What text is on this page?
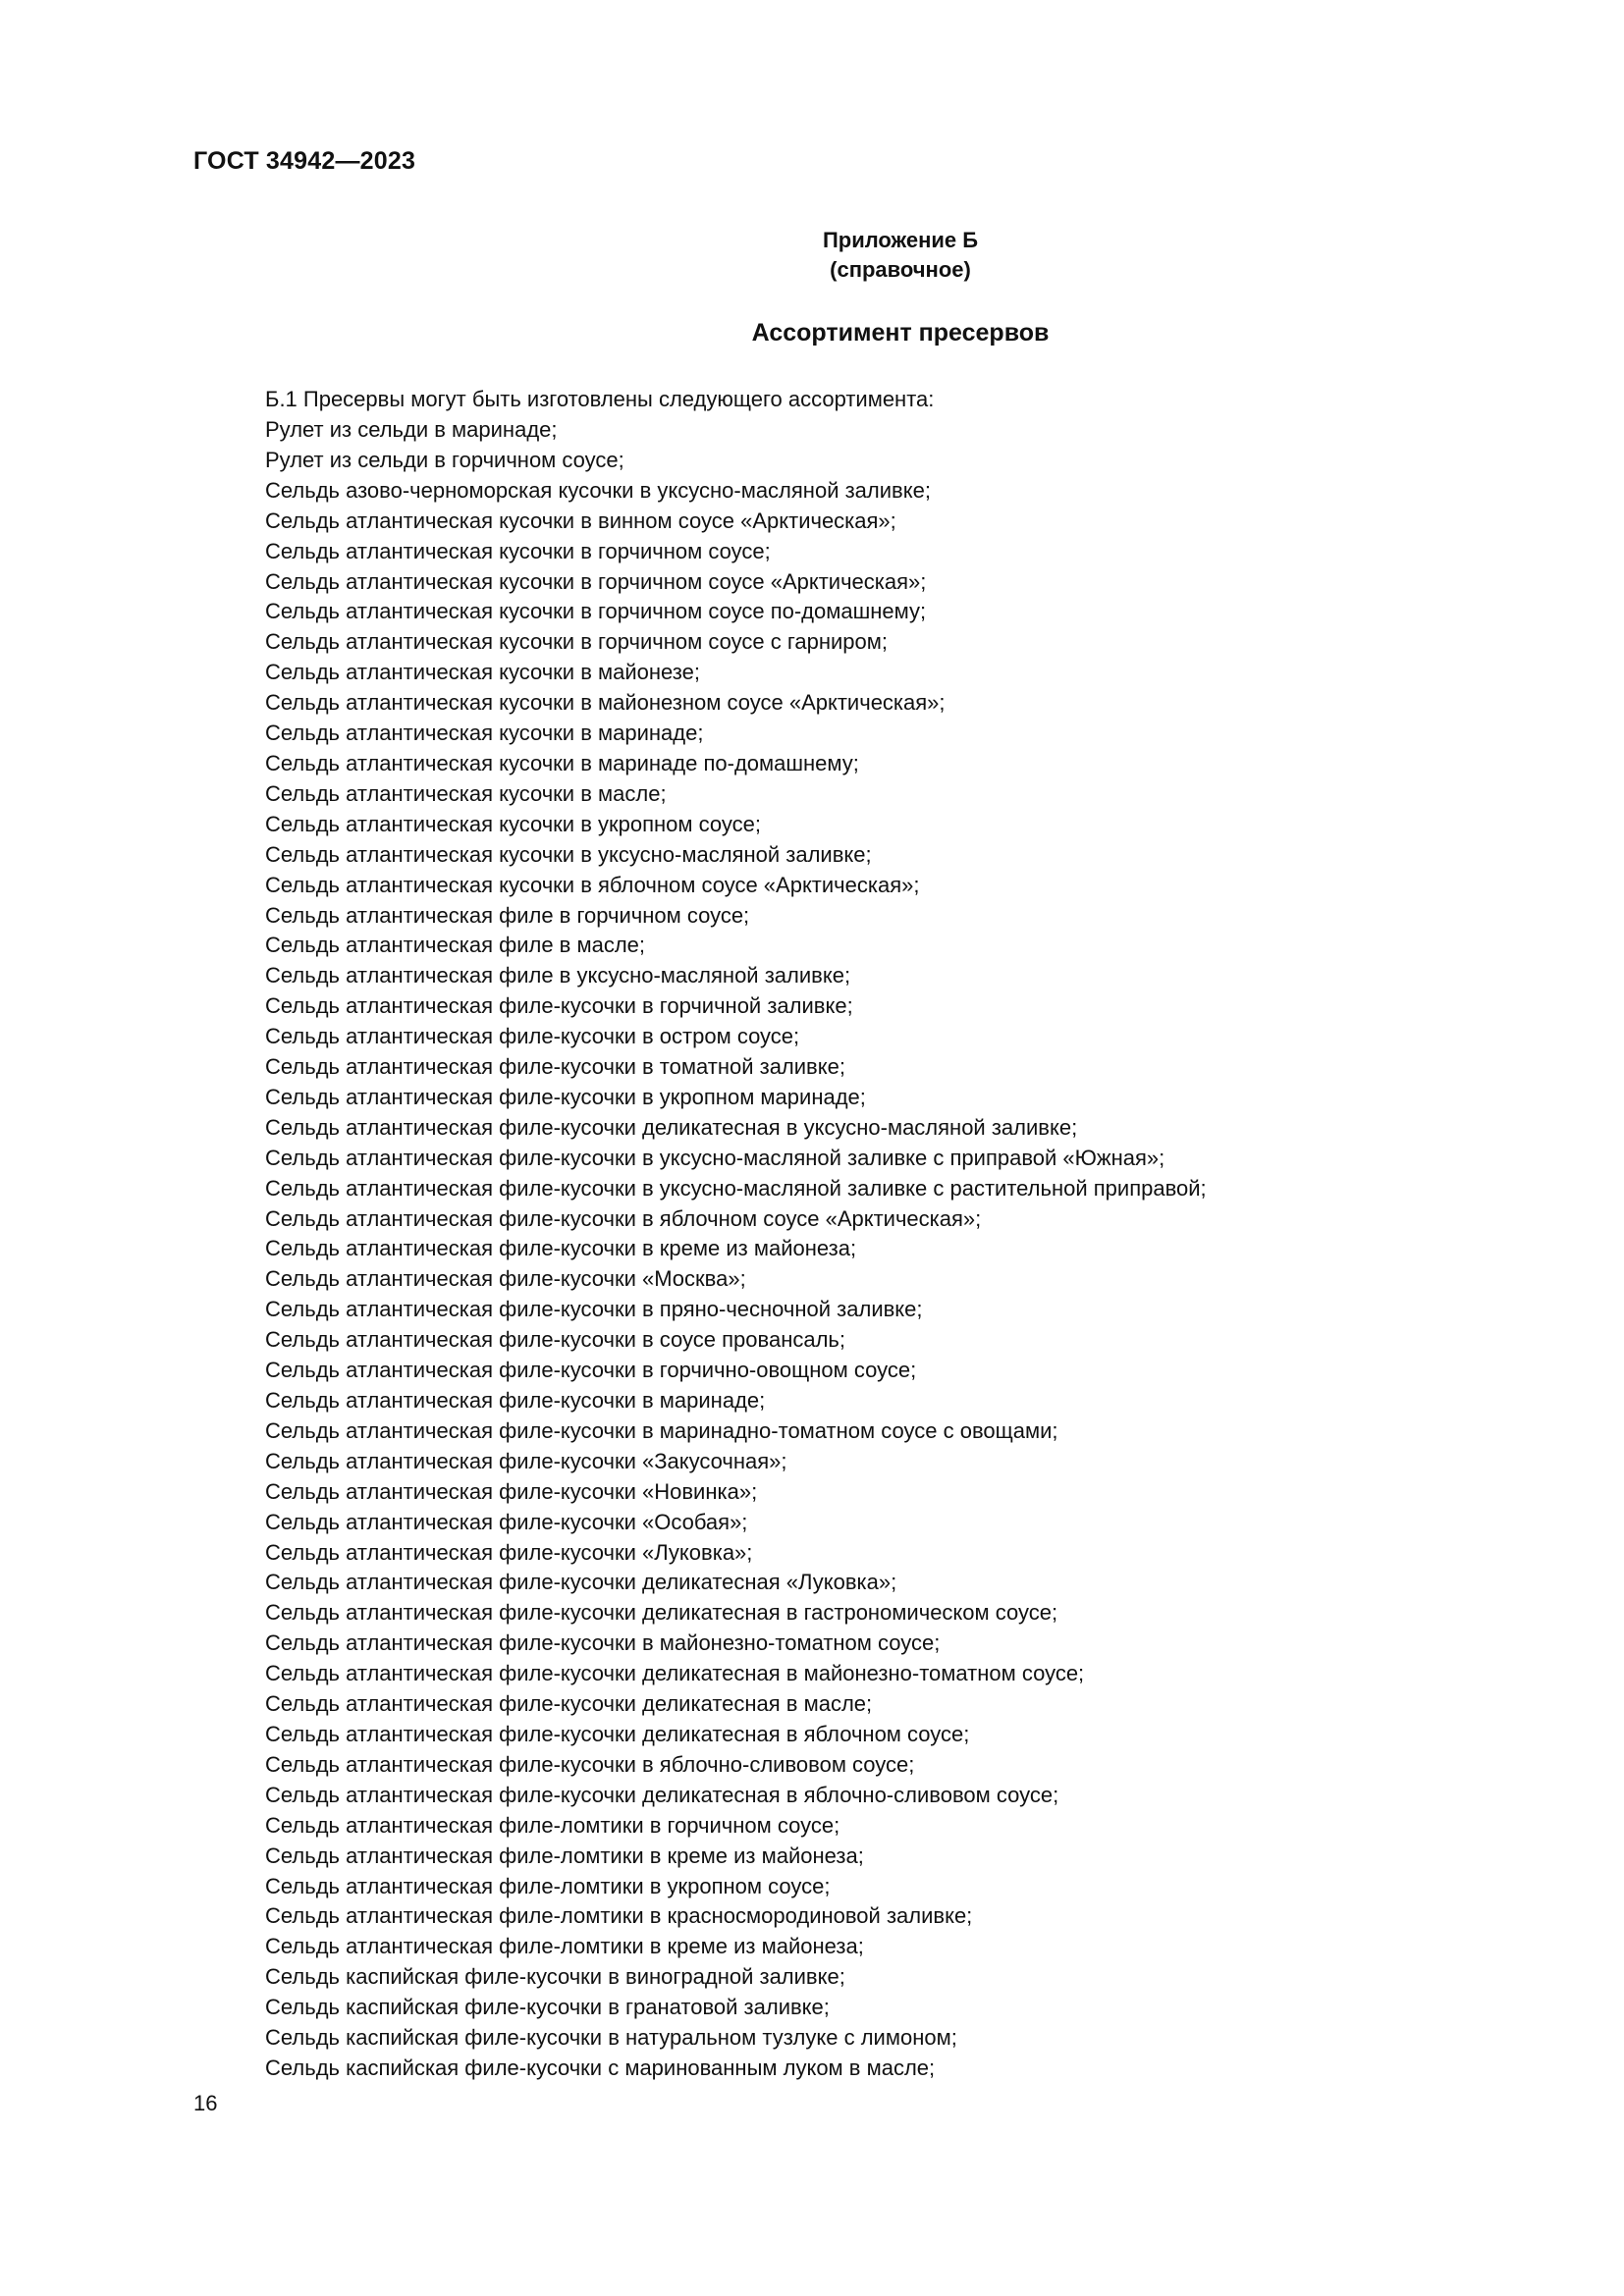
ГОСТ 34942—2023
Приложение Б
(справочное)
Ассортимент пресервов
Б.1 Пресервы могут быть изготовлены следующего ассортимента:
Рулет из сельди в маринаде;
Рулет из сельди в горчичном соусе;
Сельдь азово-черноморская кусочки в уксусно-масляной заливке;
Сельдь атлантическая кусочки в винном соусе «Арктическая»;
Сельдь атлантическая кусочки в горчичном соусе;
Сельдь атлантическая кусочки в горчичном соусе «Арктическая»;
Сельдь атлантическая кусочки в горчичном соусе по-домашнему;
Сельдь атлантическая кусочки в горчичном соусе с гарниром;
Сельдь атлантическая кусочки в майонезе;
Сельдь атлантическая кусочки в майонезном соусе «Арктическая»;
Сельдь атлантическая кусочки в маринаде;
Сельдь атлантическая кусочки в маринаде по-домашнему;
Сельдь атлантическая кусочки в масле;
Сельдь атлантическая кусочки в укропном соусе;
Сельдь атлантическая кусочки в уксусно-масляной заливке;
Сельдь атлантическая кусочки в яблочном соусе «Арктическая»;
Сельдь атлантическая филе в горчичном соусе;
Сельдь атлантическая филе в масле;
Сельдь атлантическая филе в уксусно-масляной заливке;
Сельдь атлантическая филе-кусочки в горчичной заливке;
Сельдь атлантическая филе-кусочки в остром соусе;
Сельдь атлантическая филе-кусочки в томатной заливке;
Сельдь атлантическая филе-кусочки в укропном маринаде;
Сельдь атлантическая филе-кусочки деликатесная в уксусно-масляной заливке;
Сельдь атлантическая филе-кусочки в уксусно-масляной заливке с приправой «Южная»;
Сельдь атлантическая филе-кусочки в уксусно-масляной заливке с растительной приправой;
Сельдь атлантическая филе-кусочки в яблочном соусе «Арктическая»;
Сельдь атлантическая филе-кусочки в креме из майонеза;
Сельдь атлантическая филе-кусочки «Москва»;
Сельдь атлантическая филе-кусочки в пряно-чесночной заливке;
Сельдь атлантическая филе-кусочки в соусе провансаль;
Сельдь атлантическая филе-кусочки в горчично-овощном соусе;
Сельдь атлантическая филе-кусочки в маринаде;
Сельдь атлантическая филе-кусочки в маринадно-томатном соусе с овощами;
Сельдь атлантическая филе-кусочки «Закусочная»;
Сельдь атлантическая филе-кусочки «Новинка»;
Сельдь атлантическая филе-кусочки «Особая»;
Сельдь атлантическая филе-кусочки «Луковка»;
Сельдь атлантическая филе-кусочки деликатесная «Луковка»;
Сельдь атлантическая филе-кусочки деликатесная в гастрономическом соусе;
Сельдь атлантическая филе-кусочки в майонезно-томатном соусе;
Сельдь атлантическая филе-кусочки деликатесная в майонезно-томатном соусе;
Сельдь атлантическая филе-кусочки деликатесная в масле;
Сельдь атлантическая филе-кусочки деликатесная в яблочном соусе;
Сельдь атлантическая филе-кусочки в яблочно-сливовом соусе;
Сельдь атлантическая филе-кусочки деликатесная в яблочно-сливовом соусе;
Сельдь атлантическая филе-ломтики в горчичном соусе;
Сельдь атлантическая филе-ломтики в креме из майонеза;
Сельдь атлантическая филе-ломтики в укропном соусе;
Сельдь атлантическая филе-ломтики в красносмородиновой заливке;
Сельдь атлантическая филе-ломтики в креме из майонеза;
Сельдь каспийская филе-кусочки в виноградной заливке;
Сельдь каспийская филе-кусочки в гранатовой заливке;
Сельдь каспийская филе-кусочки в натуральном тузлуке с лимоном;
Сельдь каспийская филе-кусочки с маринованным луком в масле;
16
